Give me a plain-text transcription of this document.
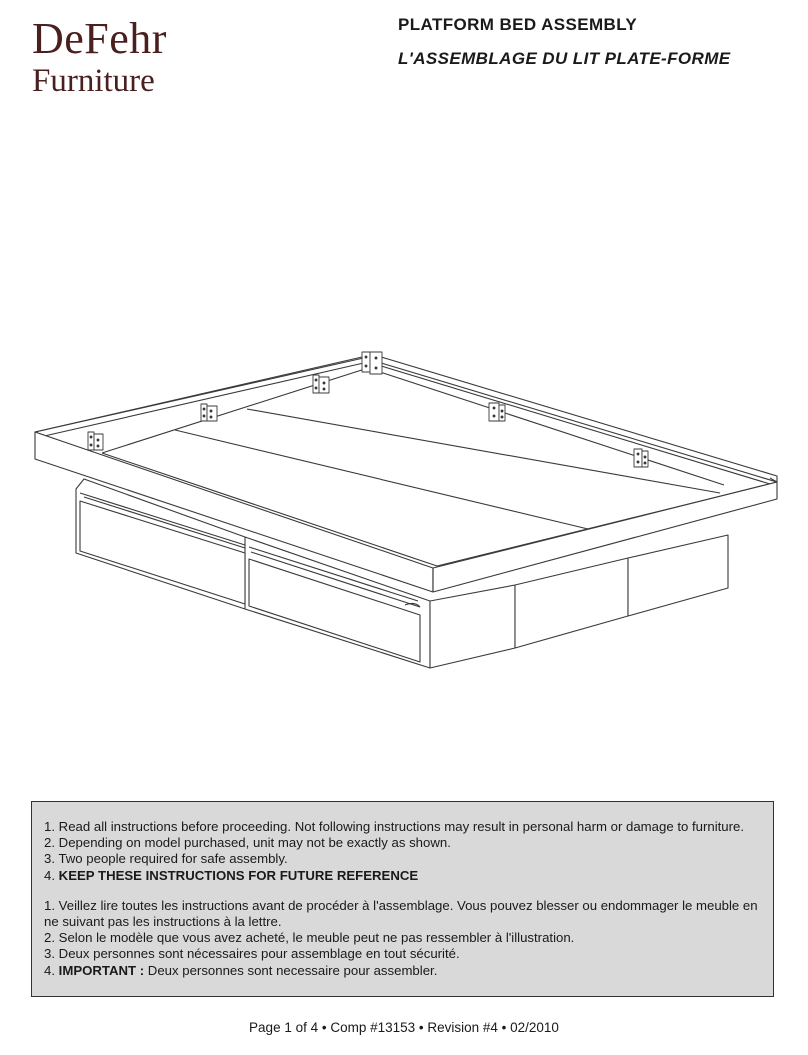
DeFehr
Furniture
PLATFORM BED ASSEMBLY
L'ASSEMBLAGE DU LIT PLATE-FORME

1. Read all instructions before proceeding. Not following instructions may result in personal harm or damage to furniture.

2. Depending on model purchased, unit may not be exactly as shown.

3. Two people required for safe assembly.

4. KEEP THESE INSTRUCTIONS FOR FUTURE REFERENCE

1. Veillez lire toutes les instructions avant de procéder à l'assemblage. Vous pouvez blesser ou endommager le meuble en ne suivant pas les instructions à la lettre.

2. Selon le modèle que vous avez acheté, le meuble peut ne pas ressembler à l'illustration.

3. Deux personnes sont nécessaires pour assemblage en tout sécurité.

4. IMPORTANT : Deux personnes sont necessaire pour assembler.

Page 1 of 4 • Comp #13153 • Revision #4 • 02/2010
